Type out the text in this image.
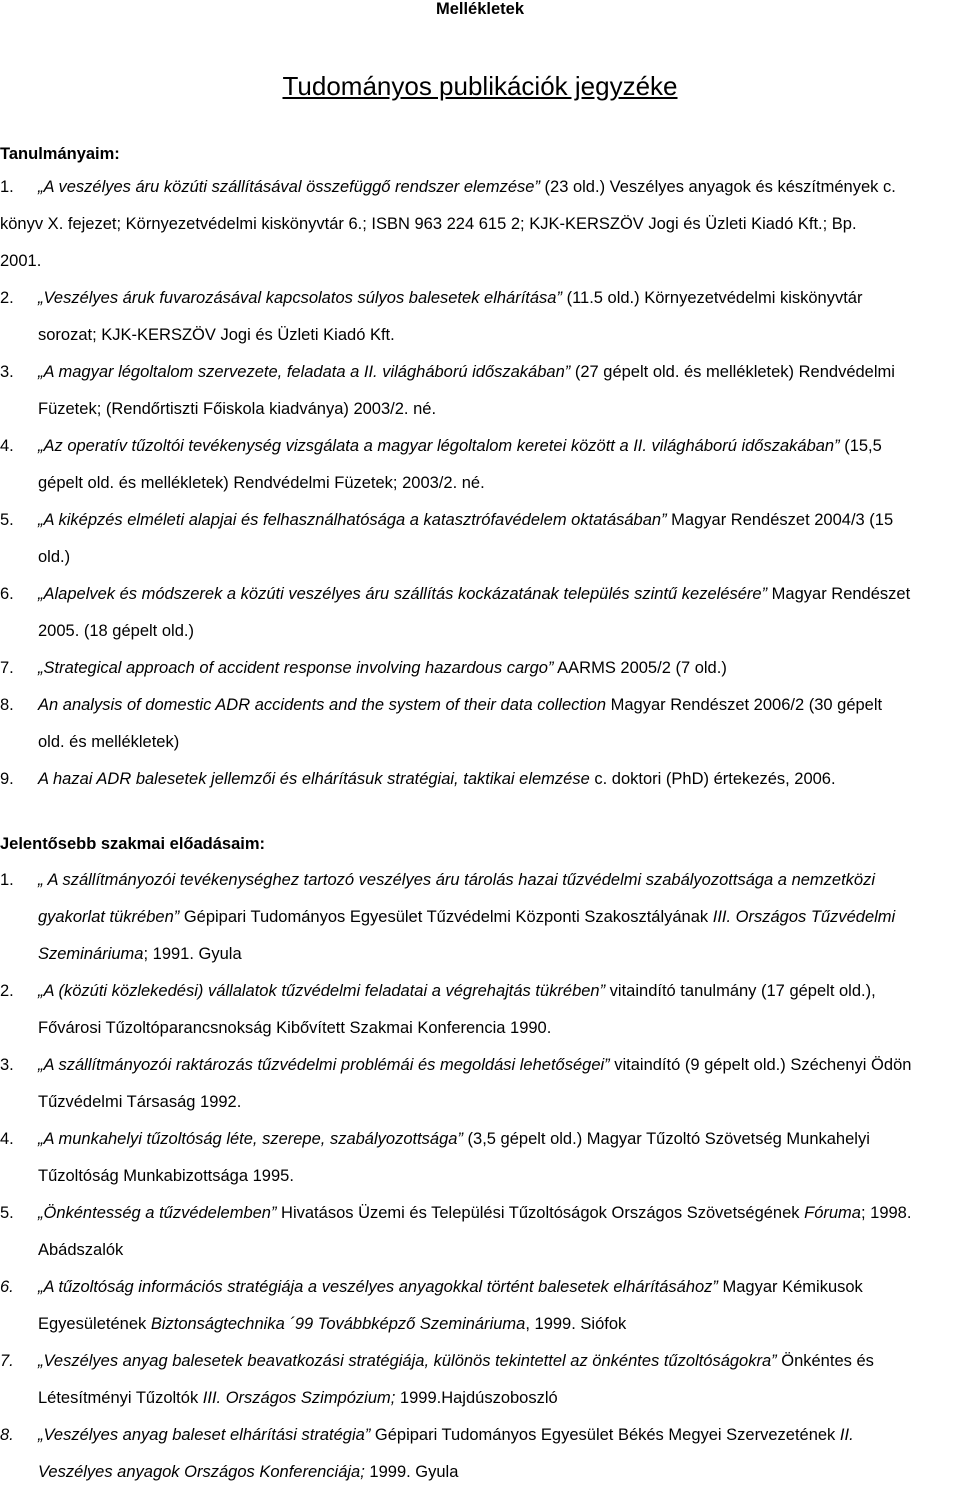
Mellékletek
Tudományos publikációk jegyzéke
Tanulmányaim:
1. „A veszélyes áru közúti szállításával összefüggő rendszer elemzése” (23 old.) Veszélyes anyagok és készítmények c.
könyv X. fejezet; Környezetvédelmi kiskönyvtár 6.; ISBN 963 224 615 2; KJK-KERSZÖV Jogi és Üzleti Kiadó Kft.; Bp.
2001.
2. „Veszélyes áruk fuvarozásával kapcsolatos súlyos balesetek elhárítása” (11.5 old.) Környezetvédelmi kiskönyvtár
sorozat; KJK-KERSZÖV Jogi és Üzleti Kiadó Kft.
3. „A magyar légoltalom szervezete, feladata a II. világháború időszakában” (27 gépelt old. és mellékletek) Rendvédelmi
Füzetek; (Rendőrtiszti Főiskola kiadványa) 2003/2. né.
4. „Az operatív tűzoltói tevékenység vizsgálata a magyar légoltalom keretei között a II. világháború időszakában” (15,5
gépelt old. és mellékletek) Rendvédelmi Füzetek; 2003/2. né.
5. „A kiképzés elméleti alapjai és felhasználhatósága a katasztrófavédelem oktatásában” Magyar Rendészet 2004/3 (15
old.)
6. „Alapelvek és módszerek a közúti veszélyes áru szállítás kockázatának település szintű kezelésére” Magyar Rendészet
2005. (18 gépelt old.)
7. „Strategical approach of accident response involving hazardous cargo” AARMS 2005/2 (7 old.)
8. An analysis of domestic ADR accidents and the system of their data collection Magyar Rendészet 2006/2 (30 gépelt
old. és mellékletek)
9. A hazai ADR balesetek jellemzői és elhárításuk stratégiai, taktikai elemzése c. doktori (PhD) értekezés, 2006.
Jelentősebb szakmai előadásaim:
1. „ A szállítmányozói tevékenységhez tartozó veszélyes áru tárolás hazai tűzvédelmi szabályozottsága a nemzetközi
gyakorlat tükrében” Gépipari Tudományos Egyesület Tűzvédelmi Központi Szakosztályának III. Országos Tűzvédelmi
Szemináriuma; 1991. Gyula
2. „A (közúti közlekedési) vállalatok tűzvédelmi feladatai a végrehajtás tükrében” vitaindító tanulmány (17 gépelt old.),
Fővárosi Tűzoltóparancsnokság Kibővített Szakmai Konferencia 1990.
3. „A szállítmányozói raktározás tűzvédelmi problémái és megoldási lehetőségei” vitaindító (9 gépelt old.) Széchenyi Ödön
Tűzvédelmi Társaság 1992.
4. „A munkahelyi tűzoltóság léte, szerepe, szabályozottsága” (3,5 gépelt old.) Magyar Tűzoltó Szövetség Munkahelyi
Tűzoltóság Munkabizottsága 1995.
5. „Önkéntesség a tűzvédelemben” Hivatásos Üzemi és Települési Tűzoltóságok Országos Szövetségének Fóruma; 1998.
Abádszalók
6. „A tűzoltóság információs stratégiája a veszélyes anyagokkal történt balesetek elhárításához” Magyar Kémikusok
Egyesületének Biztonságtechnika ´99 Továbbképző Szemináriuma, 1999. Siófok
7. „Veszélyes anyag balesetek beavatkozási stratégiája, különös tekintettel az önkéntes tűzoltóságokra” Önkéntes és
Létesítményi Tűzoltók III. Országos Szimpózium; 1999.Hajdúszoboszló
8. „Veszélyes anyag baleset elhárítási stratégia” Gépipari Tudományos Egyesület Békés Megyei Szervezetének II.
Veszélyes anyagok Országos Konferenciája; 1999. Gyula
